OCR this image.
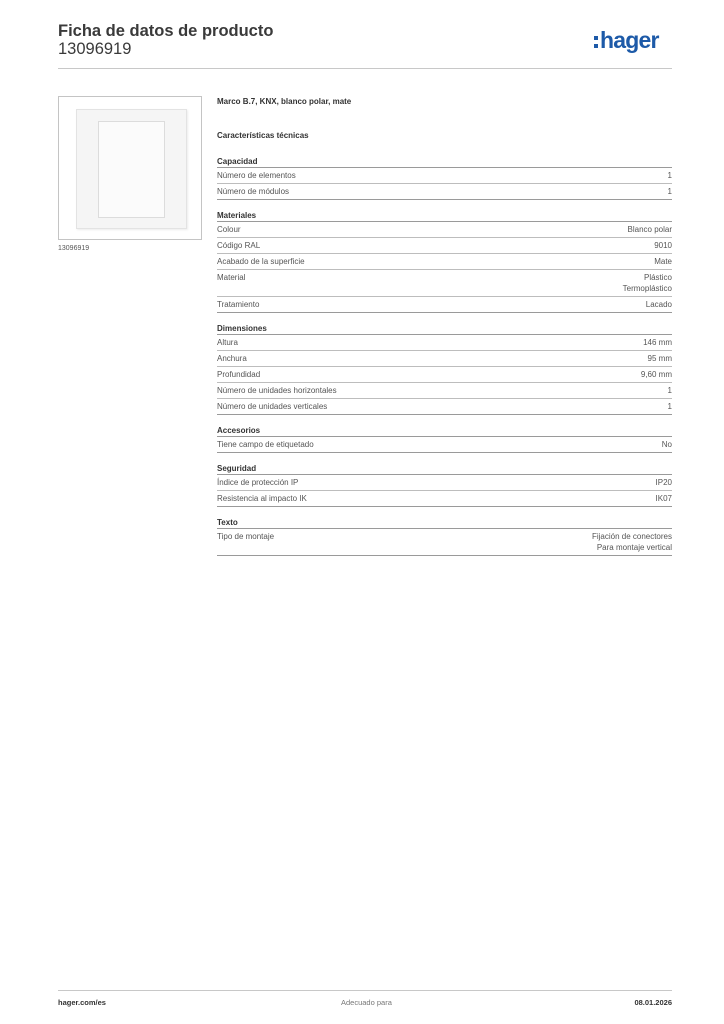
Ficha de datos de producto
13096919	hager
13096919
Marco B.7, KNX, blanco polar, mate
Características técnicas
Capacidad
Número de elementos	1
Número de módulos	1
Materiales
Colour	Blanco polar
Código RAL	9010
Acabado de la superficie	Mate
Material	Plástico
Termoplástico
Tratamiento	Lacado
Dimensiones
Altura	146 mm
Anchura	95 mm
Profundidad	9,60 mm
Número de unidades horizontales	1
Número de unidades verticales	1
Accesorios
Tiene campo de etiquetado	No
Seguridad
Índice de protección IP	IP20
Resistencia al impacto IK	IK07
Texto
Tipo de montaje	Fijación de conectores
Para montaje vertical
hager.com/es	Adecuado para	08.01.2026
